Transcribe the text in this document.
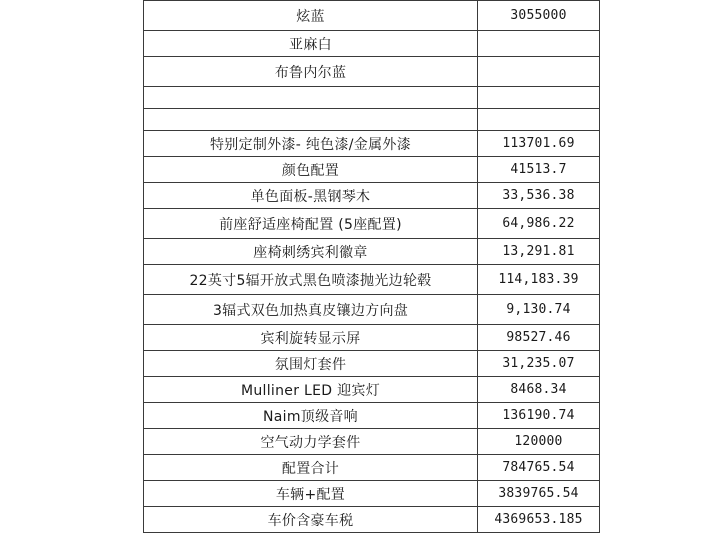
炫蓝	3055000
亚麻白	
布鲁内尔蓝	

特别定制外漆- 纯色漆/金属外漆	113701.69
颜色配置	41513.7
单色面板-黑钢琴木	33,536.38
前座舒适座椅配置 (5座配置)	64,986.22
座椅刺绣宾利徽章	13,291.81
22英寸5辐开放式黑色喷漆抛光边轮毂	114,183.39
3辐式双色加热真皮镶边方向盘	9,130.74
宾利旋转显示屏	98527.46
氛围灯套件	31,235.07
Mulliner LED 迎宾灯	8468.34
Naim顶级音响	136190.74
空气动力学套件	120000
配置合计	784765.54
车辆+配置	3839765.54
车价含豪车税	4369653.185
